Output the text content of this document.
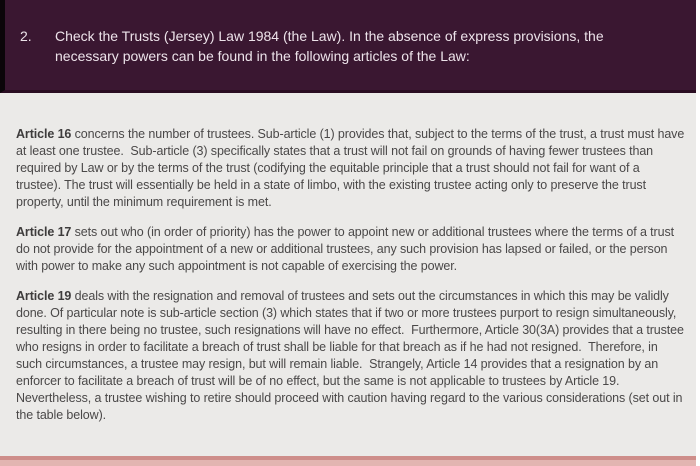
2.	Check the Trusts (Jersey) Law 1984 (the Law). In the absence of express provisions, the necessary powers can be found in the following articles of the Law:

Article 16 concerns the number of trustees. Sub-article (1) provides that, subject to the terms of the trust, a trust must have at least one trustee.  Sub-article (3) specifically states that a trust will not fail on grounds of having fewer trustees than required by Law or by the terms of the trust (codifying the equitable principle that a trust should not fail for want of a trustee). The trust will essentially be held in a state of limbo, with the existing trustee acting only to preserve the trust property, until the minimum requirement is met.

Article 17 sets out who (in order of priority) has the power to appoint new or additional trustees where the terms of a trust do not provide for the appointment of a new or additional trustees, any such provision has lapsed or failed, or the person with power to make any such appointment is not capable of exercising the power.

Article 19 deals with the resignation and removal of trustees and sets out the circumstances in which this may be validly done. Of particular note is sub-article section (3) which states that if two or more trustees purport to resign simultaneously, resulting in there being no trustee, such resignations will have no effect.  Furthermore, Article 30(3A) provides that a trustee who resigns in order to facilitate a breach of trust shall be liable for that breach as if he had not resigned.  Therefore, in such circumstances, a trustee may resign, but will remain liable.  Strangely, Article 14 provides that a resignation by an enforcer to facilitate a breach of trust will be of no effect, but the same is not applicable to trustees by Article 19.  Nevertheless, a trustee wishing to retire should proceed with caution having regard to the various considerations (set out in the table below).
